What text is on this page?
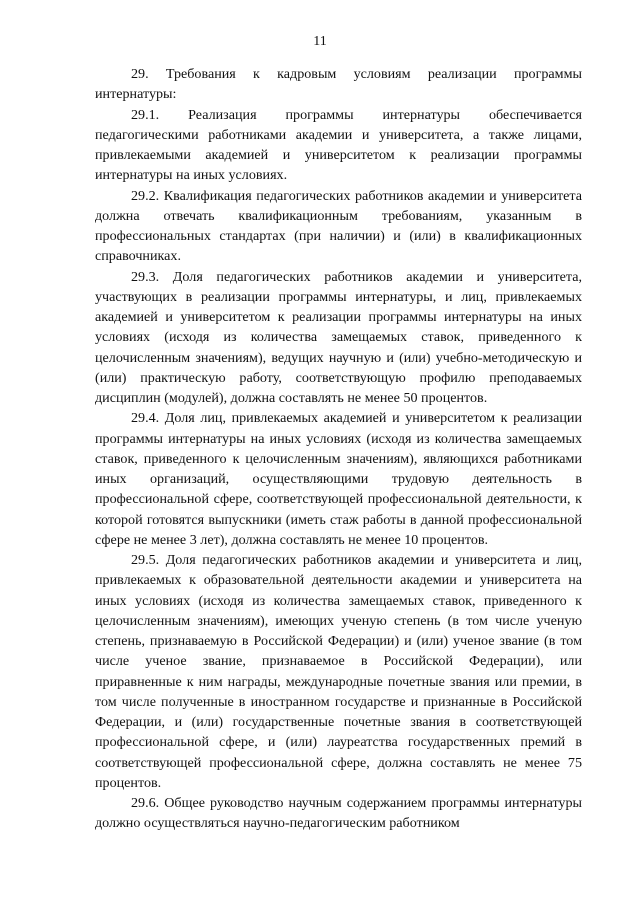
11

29. Требования к кадровым условиям реализации программы интернатуры:

29.1. Реализация программы интернатуры обеспечивается педагогическими работниками академии и университета, а также лицами, привлекаемыми академией и университетом к реализации программы интернатуры на иных условиях.

29.2. Квалификация педагогических работников академии и университета должна отвечать квалификационным требованиям, указанным в профессиональных стандартах (при наличии) и (или) в квалификационных справочниках.

29.3. Доля педагогических работников академии и университета, участвующих в реализации программы интернатуры, и лиц, привлекаемых академией и университетом к реализации программы интернатуры на иных условиях (исходя из количества замещаемых ставок, приведенного к целочисленным значениям), ведущих научную и (или) учебно-методическую и (или) практическую работу, соответствующую профилю преподаваемых дисциплин (модулей), должна составлять не менее 50 процентов.

29.4. Доля лиц, привлекаемых академией и университетом к реализации программы интернатуры на иных условиях (исходя из количества замещаемых ставок, приведенного к целочисленным значениям), являющихся работниками иных организаций, осуществляющими трудовую деятельность в профессиональной сфере, соответствующей профессиональной деятельности, к которой готовятся выпускники (иметь стаж работы в данной профессиональной сфере не менее 3 лет), должна составлять не менее 10 процентов.

29.5. Доля педагогических работников академии и университета и лиц, привлекаемых к образовательной деятельности академии и университета на иных условиях (исходя из количества замещаемых ставок, приведенного к целочисленным значениям), имеющих ученую степень (в том числе ученую степень, признаваемую в Российской Федерации) и (или) ученое звание (в том числе ученое звание, признаваемое в Российской Федерации), или приравненные к ним награды, международные почетные звания или премии, в том числе полученные в иностранном государстве и признанные в Российской Федерации, и (или) государственные почетные звания в соответствующей профессиональной сфере, и (или) лауреатства государственных премий в соответствующей профессиональной сфере, должна составлять не менее 75 процентов.

29.6. Общее руководство научным содержанием программы интернатуры должно осуществляться научно-педагогическим работником
